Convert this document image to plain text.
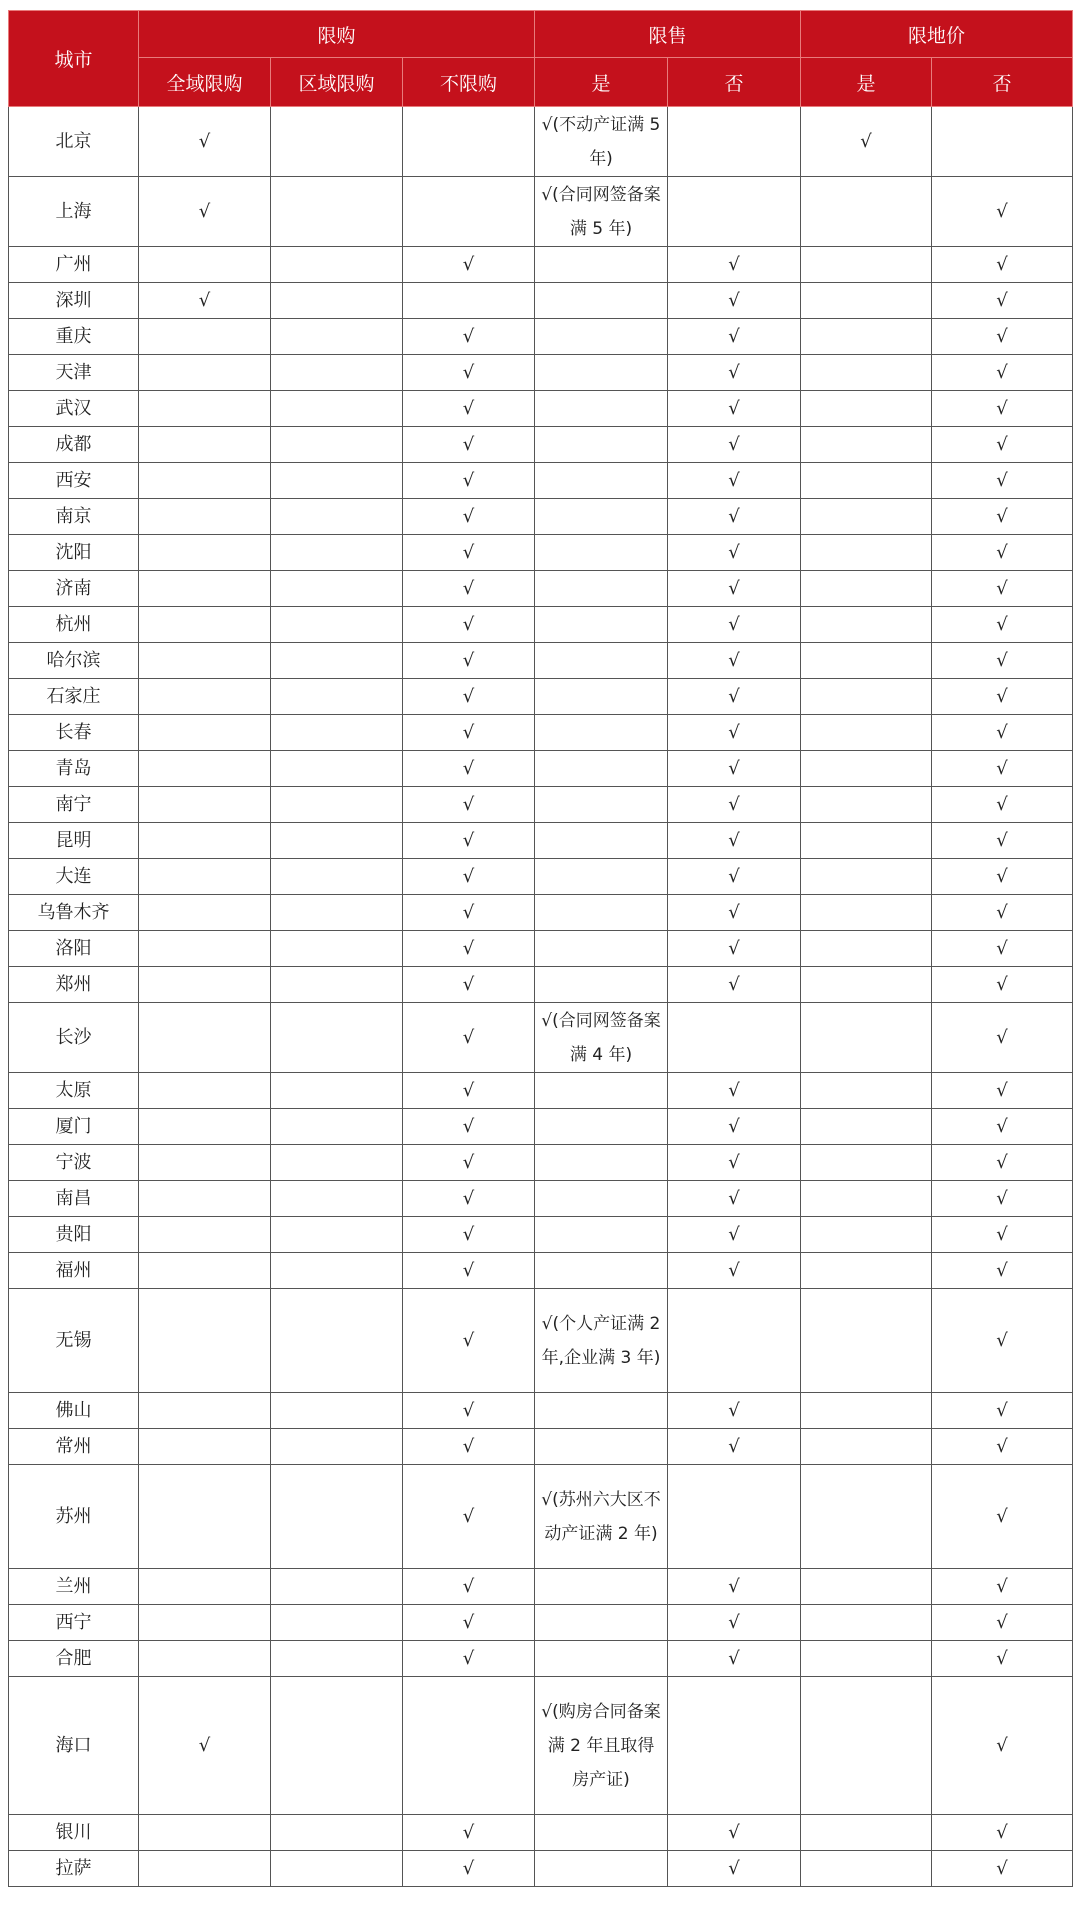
城市	限购			限售		限地价	
	全域限购	区域限购	不限购	是	否	是	否
北京	√			√(不动产证满 5 年)		√	
上海	√			√(合同网签备案满 5 年)			√
广州			√		√		√
深圳	√				√		√
重庆			√		√		√
天津			√		√		√
武汉			√		√		√
成都			√		√		√
西安			√		√		√
南京			√		√		√
沈阳			√		√		√
济南			√		√		√
杭州			√		√		√
哈尔滨			√		√		√
石家庄			√		√		√
长春			√		√		√
青岛			√		√		√
南宁			√		√		√
昆明			√		√		√
大连			√		√		√
乌鲁木齐			√		√		√
洛阳			√		√		√
郑州			√		√		√
长沙			√	√(合同网签备案满 4 年)			√
太原			√		√		√
厦门			√		√		√
宁波			√		√		√
南昌			√		√		√
贵阳			√		√		√
福州			√		√		√
无锡			√	√(个人产证满 2 年,企业满 3 年)			√
佛山			√		√		√
常州			√		√		√
苏州			√	√(苏州六大区不动产证满 2 年)			√
兰州			√		√		√
西宁			√		√		√
合肥			√		√		√
海口	√			√(购房合同备案满 2 年且取得房产证)			√
银川			√		√		√
拉萨			√		√		√
